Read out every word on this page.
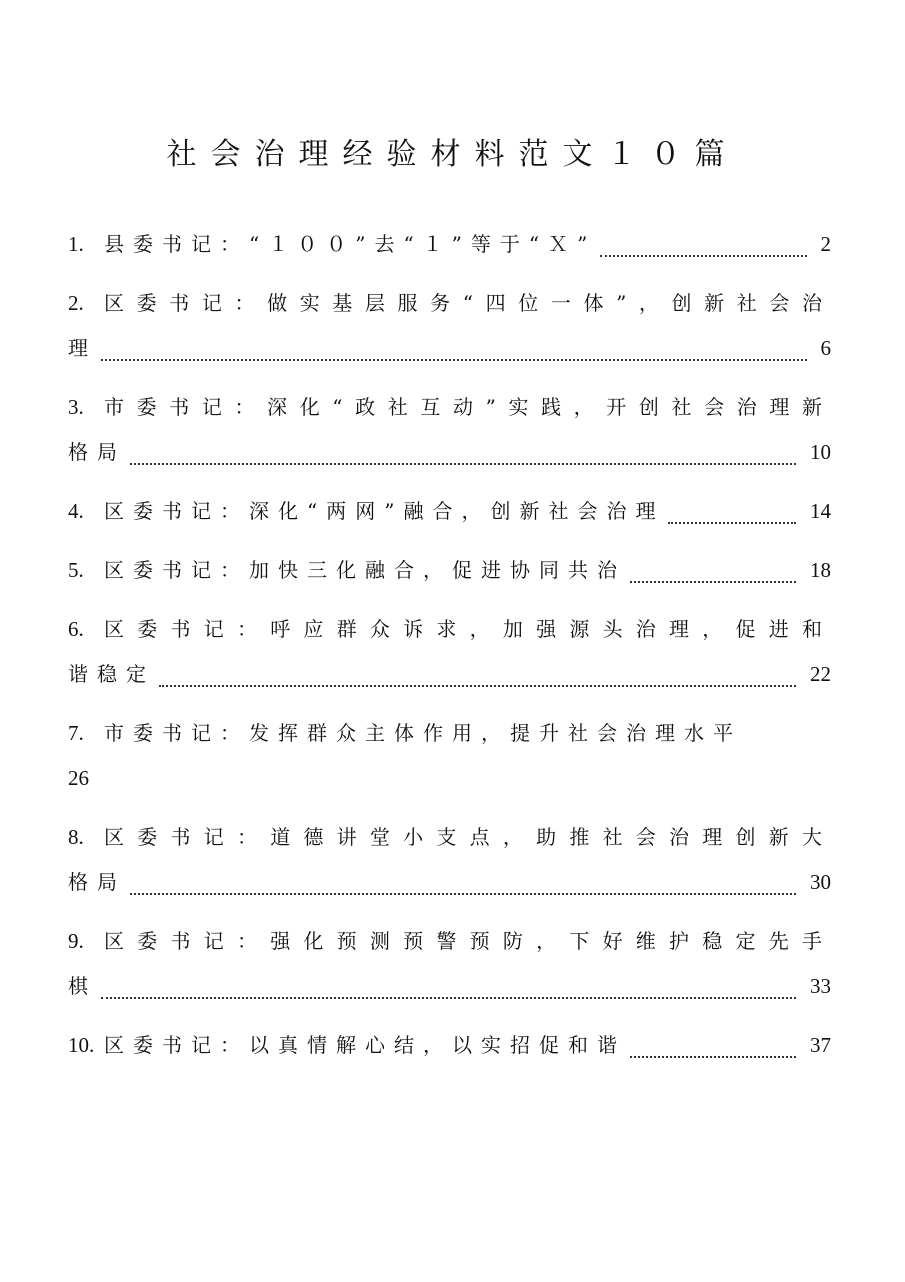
社会治理经验材料范文１０篇
1.	县委书记：“１００”去“１”等于“Ｘ”	2
2.	区委书记：做实基层服务“四位一体”，创新社会治
理	6
3.	市委书记：深化“政社互动”实践，开创社会治理新
格局	10
4.	区委书记：深化“两网”融合，创新社会治理	14
5.	区委书记：加快三化融合，促进协同共治	18
6.	区委书记：呼应群众诉求，加强源头治理，促进和
谐稳定	22
7.	市委书记：发挥群众主体作用，提升社会治理水平
26
8.	区委书记：道德讲堂小支点，助推社会治理创新大
格局	30
9.	区委书记：强化预测预警预防，下好维护稳定先手
棋	33
10. 区委书记：以真情解心结，以实招促和谐	37
